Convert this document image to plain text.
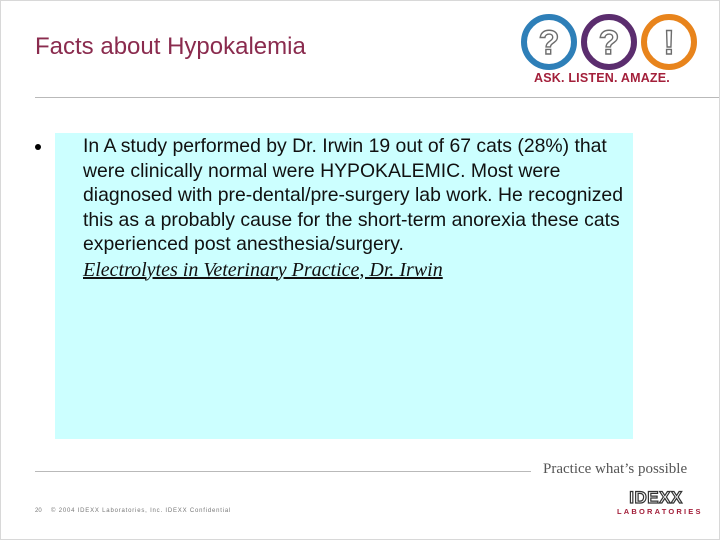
Facts about Hypokalemia	? ? !
ASK. LISTEN. AMAZE.
In A study performed by Dr. Irwin 19 out of 67 cats (28%) that were clinically normal were HYPOKALEMIC. Most were diagnosed with pre-dental/pre-surgery lab work. He recognized this as a probably cause for the short-term anorexia these cats experienced post anesthesia/surgery.
Electrolytes in Veterinary Practice, Dr. Irwin
Practice what’s possible
20 © 2004 IDEXX Laboratories, Inc. IDEXX Confidential
IDEXX
LABORATORIES
